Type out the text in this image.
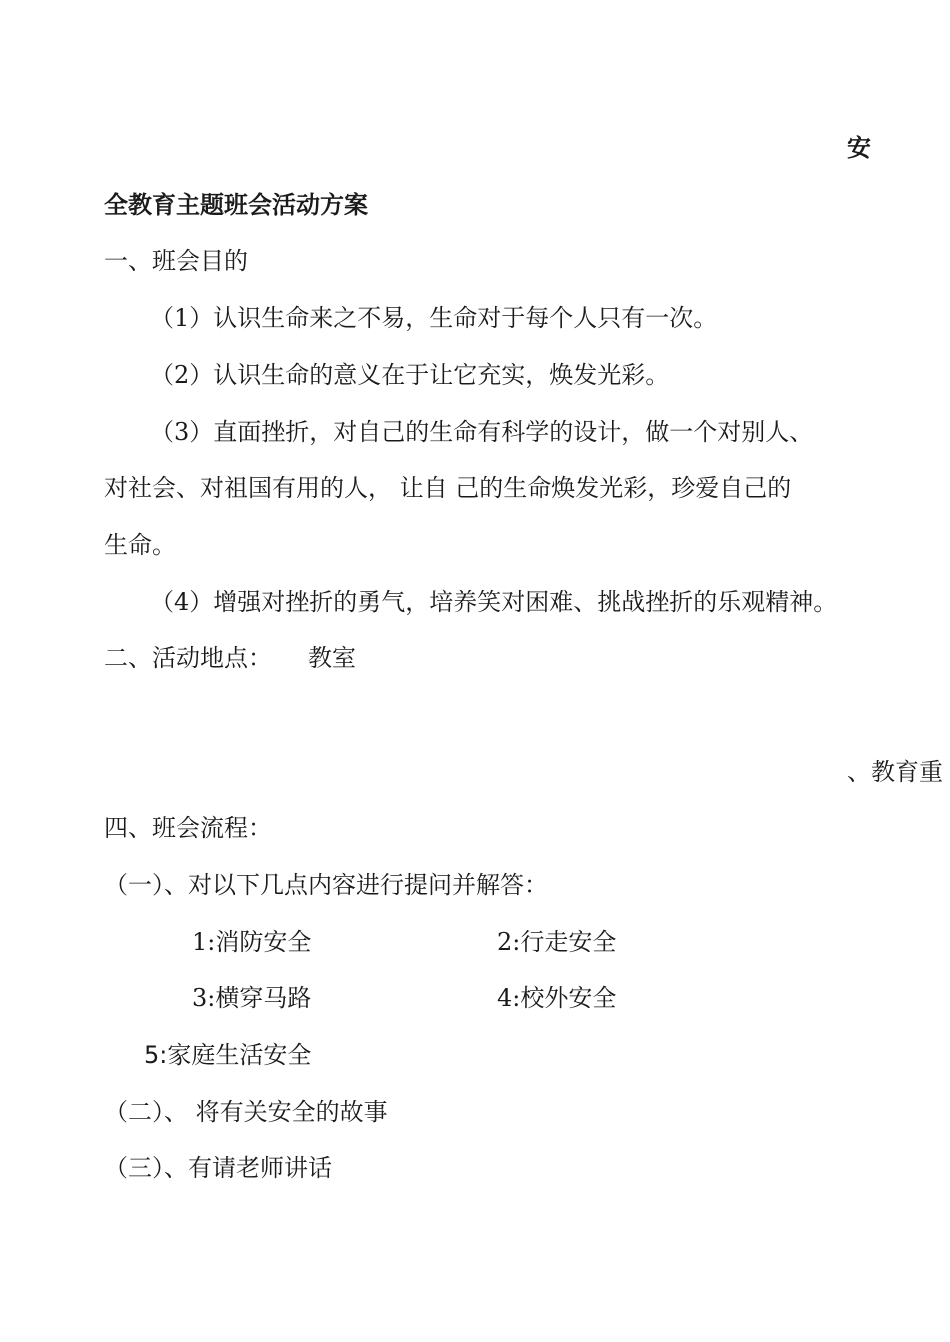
安
全教育主题班会活动方案
一、班会目的
（1）认识生命来之不易，生命对于每个人只有一次。
（2）认识生命的意义在于让它充实，焕发光彩。
（3）直面挫折，对自己的生命有科学的设计，做一个对别人、
对社会、对祖国有用的人， 让自 己的生命焕发光彩，珍爱自己的
生命。
（4）增强对挫折的勇气，培养笑对困难、挑战挫折的乐观精神。
二、活动地点： 教室
、教育重
四、班会流程：
（一）、对以下几点内容进行提问并解答：
1:消防安全	2:行走安全
3:横穿马路	4:校外安全
5:家庭生活安全
（二）、 将有关安全的故事
（三）、有请老师讲话
